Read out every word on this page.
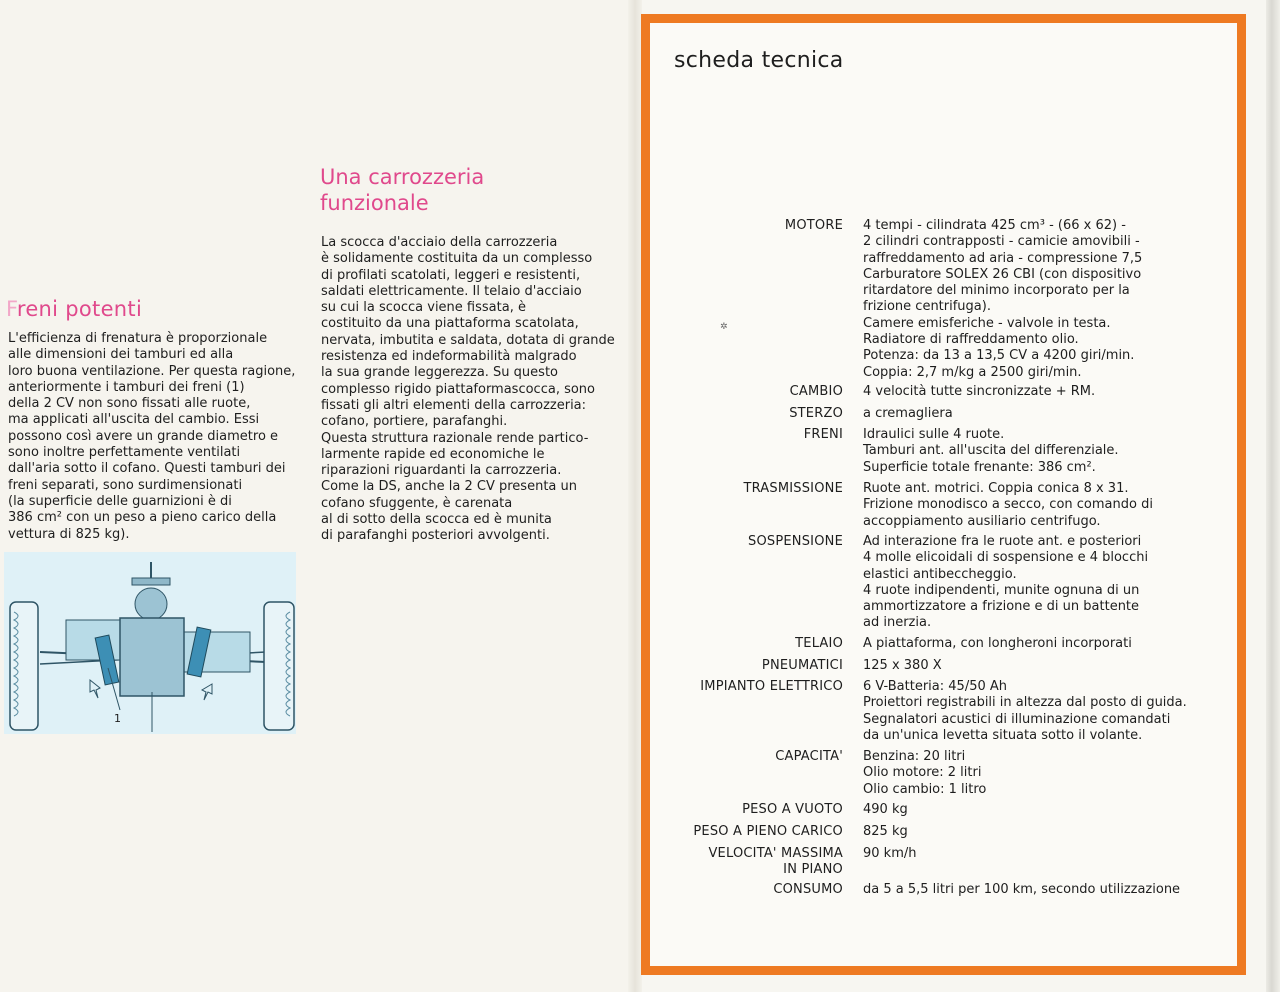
Freni potenti
L'efficienza di frenatura è proporzionale
alle dimensioni dei tamburi ed alla
loro buona ventilazione. Per questa ragione,
anteriormente i tamburi dei freni (1)
della 2 CV non sono fissati alle ruote,
ma applicati all'uscita del cambio. Essi
possono così avere un grande diametro e
sono inoltre perfettamente ventilati
dall'aria sotto il cofano. Questi tamburi dei
freni separati, sono surdimensionati
(la superficie delle guarnizioni è di
386 cm² con un peso a pieno carico della
vettura di 825 kg).
1
Una carrozzeria
funzionale
La scocca d'acciaio della carrozzeria
è solidamente costituita da un complesso
di profilati scatolati, leggeri e resistenti,
saldati elettricamente. Il telaio d'acciaio
su cui la scocca viene fissata, è
costituito da una piattaforma scatolata,
nervata, imbutita e saldata, dotata di grande
resistenza ed indeformabilità malgrado
la sua grande leggerezza. Su questo
complesso rigido piattaformascocca, sono
fissati gli altri elementi della carrozzeria:
cofano, portiere, parafanghi.
Questa struttura razionale rende partico-
larmente rapide ed economiche le
riparazioni riguardanti la carrozzeria.
Come la DS, anche la 2 CV presenta un
cofano sfuggente, è carenata
al di sotto della scocca ed è munita
di parafanghi posteriori avvolgenti.
scheda tecnica
✲
MOTORE 4 tempi - cilindrata 425 cm³ - (66 x 62) -
2 cilindri contrapposti - camicie amovibili -
raffreddamento ad aria - compressione 7,5
Carburatore SOLEX 26 CBI (con dispositivo
ritardatore del minimo incorporato per la
frizione centrifuga).
Camere emisferiche - valvole in testa.
Radiatore di raffreddamento olio.
Potenza: da 13 a 13,5 CV a 4200 giri/min.
Coppia: 2,7 m/kg a 2500 giri/min.
CAMBIO 4 velocità tutte sincronizzate + RM.
STERZO a cremagliera
FRENI Idraulici sulle 4 ruote.
Tamburi ant. all'uscita del differenziale.
Superficie totale frenante: 386 cm².
TRASMISSIONE Ruote ant. motrici. Coppia conica 8 x 31.
Frizione monodisco a secco, con comando di
accoppiamento ausiliario centrifugo.
SOSPENSIONE Ad interazione fra le ruote ant. e posteriori
4 molle elicoidali di sospensione e 4 blocchi
elastici antibeccheggio.
4 ruote indipendenti, munite ognuna di un
ammortizzatore a frizione e di un battente
ad inerzia.
TELAIO A piattaforma, con longheroni incorporati
PNEUMATICI 125 x 380 X
IMPIANTO ELETTRICO 6 V-Batteria: 45/50 Ah
Proiettori registrabili in altezza dal posto di guida.
Segnalatori acustici di illuminazione comandati
da un'unica levetta situata sotto il volante.
CAPACITA' Benzina: 20 litri
Olio motore: 2 litri
Olio cambio: 1 litro
PESO A VUOTO 490 kg
PESO A PIENO CARICO 825 kg
VELOCITA' MASSIMA
IN PIANO
90 km/h
CONSUMO da 5 a 5,5 litri per 100 km, secondo utilizzazione
